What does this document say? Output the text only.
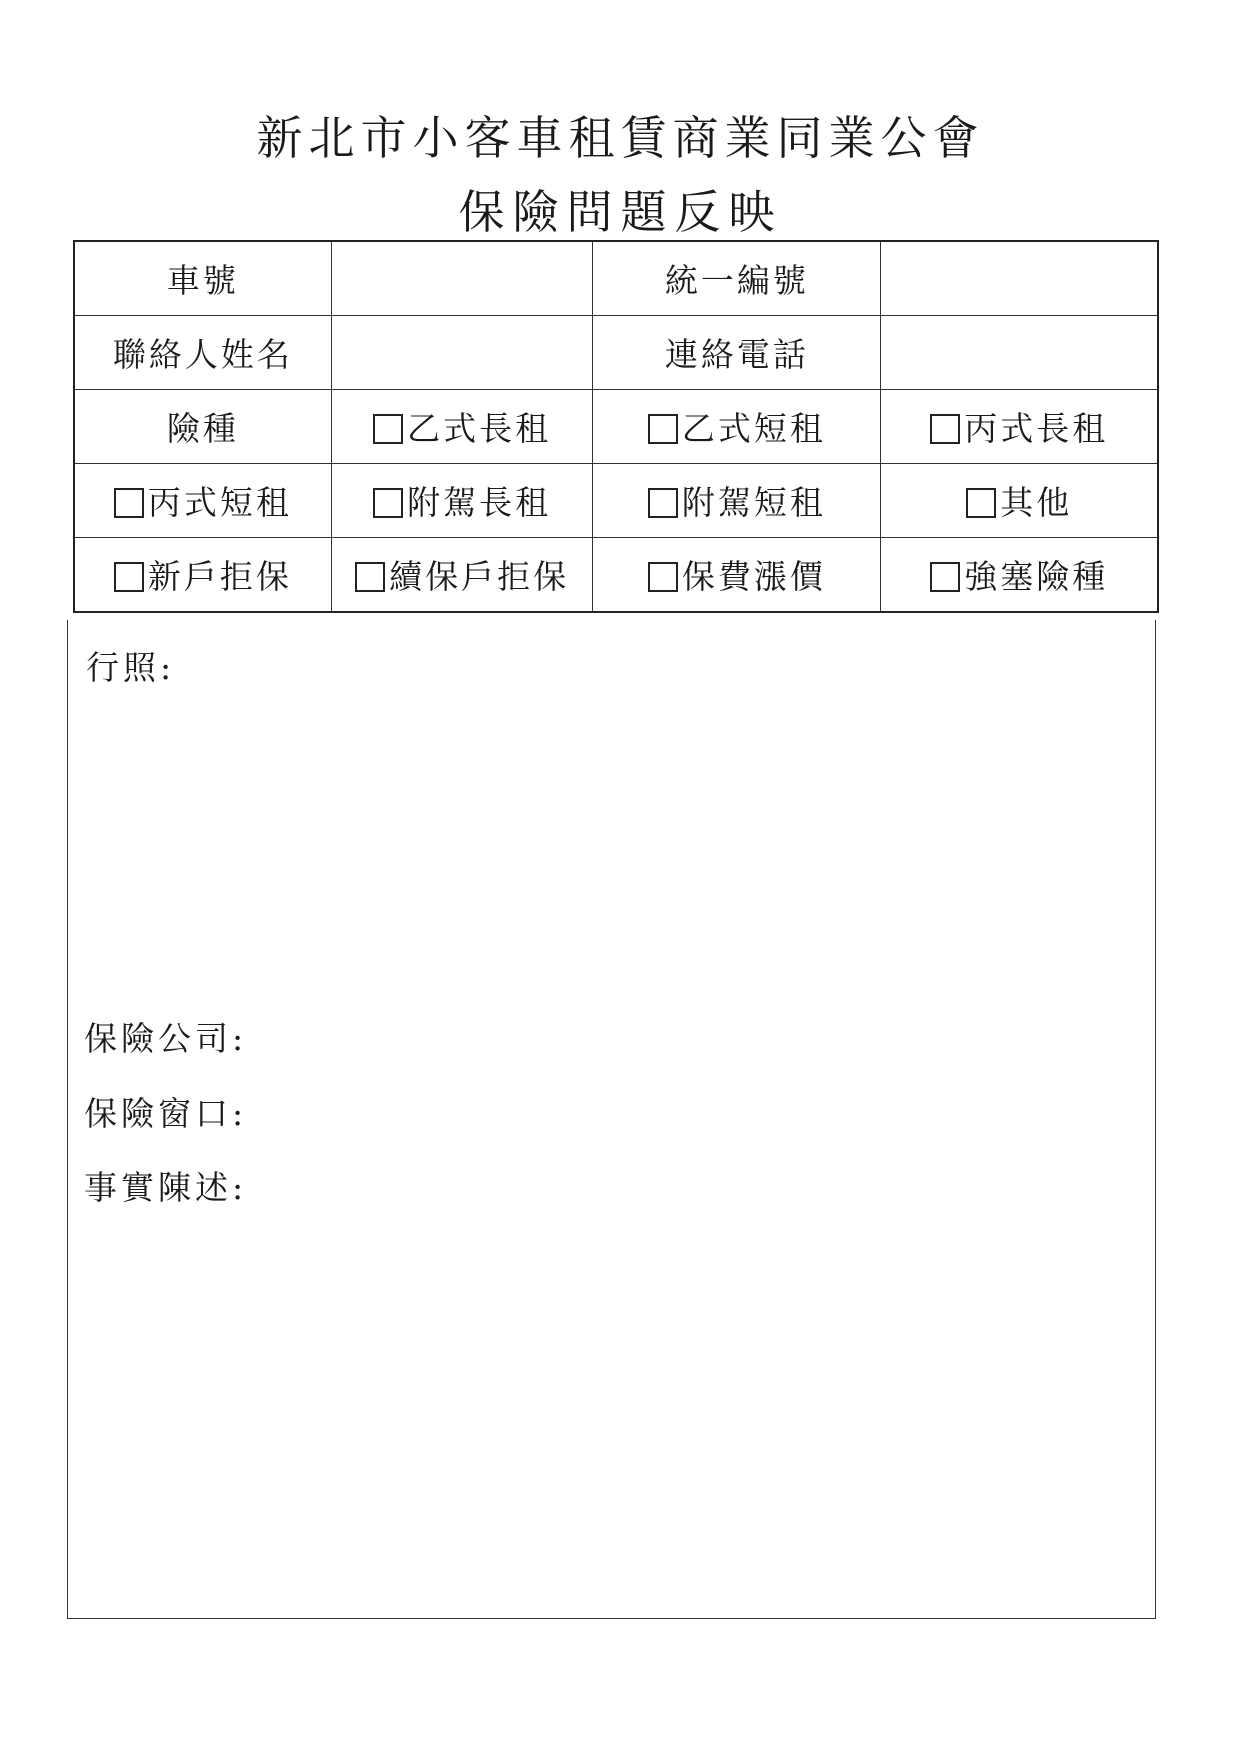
新北市小客車租賃商業同業公會
保險問題反映
車號		統一編號	
聯絡人姓名		連絡電話	
險種	乙式長租	乙式短租	丙式長租
丙式短租	附駕長租	附駕短租	其他
新戶拒保	續保戶拒保	保費漲價	強塞險種
行照:
保險公司:
保險窗口:
事實陳述:
